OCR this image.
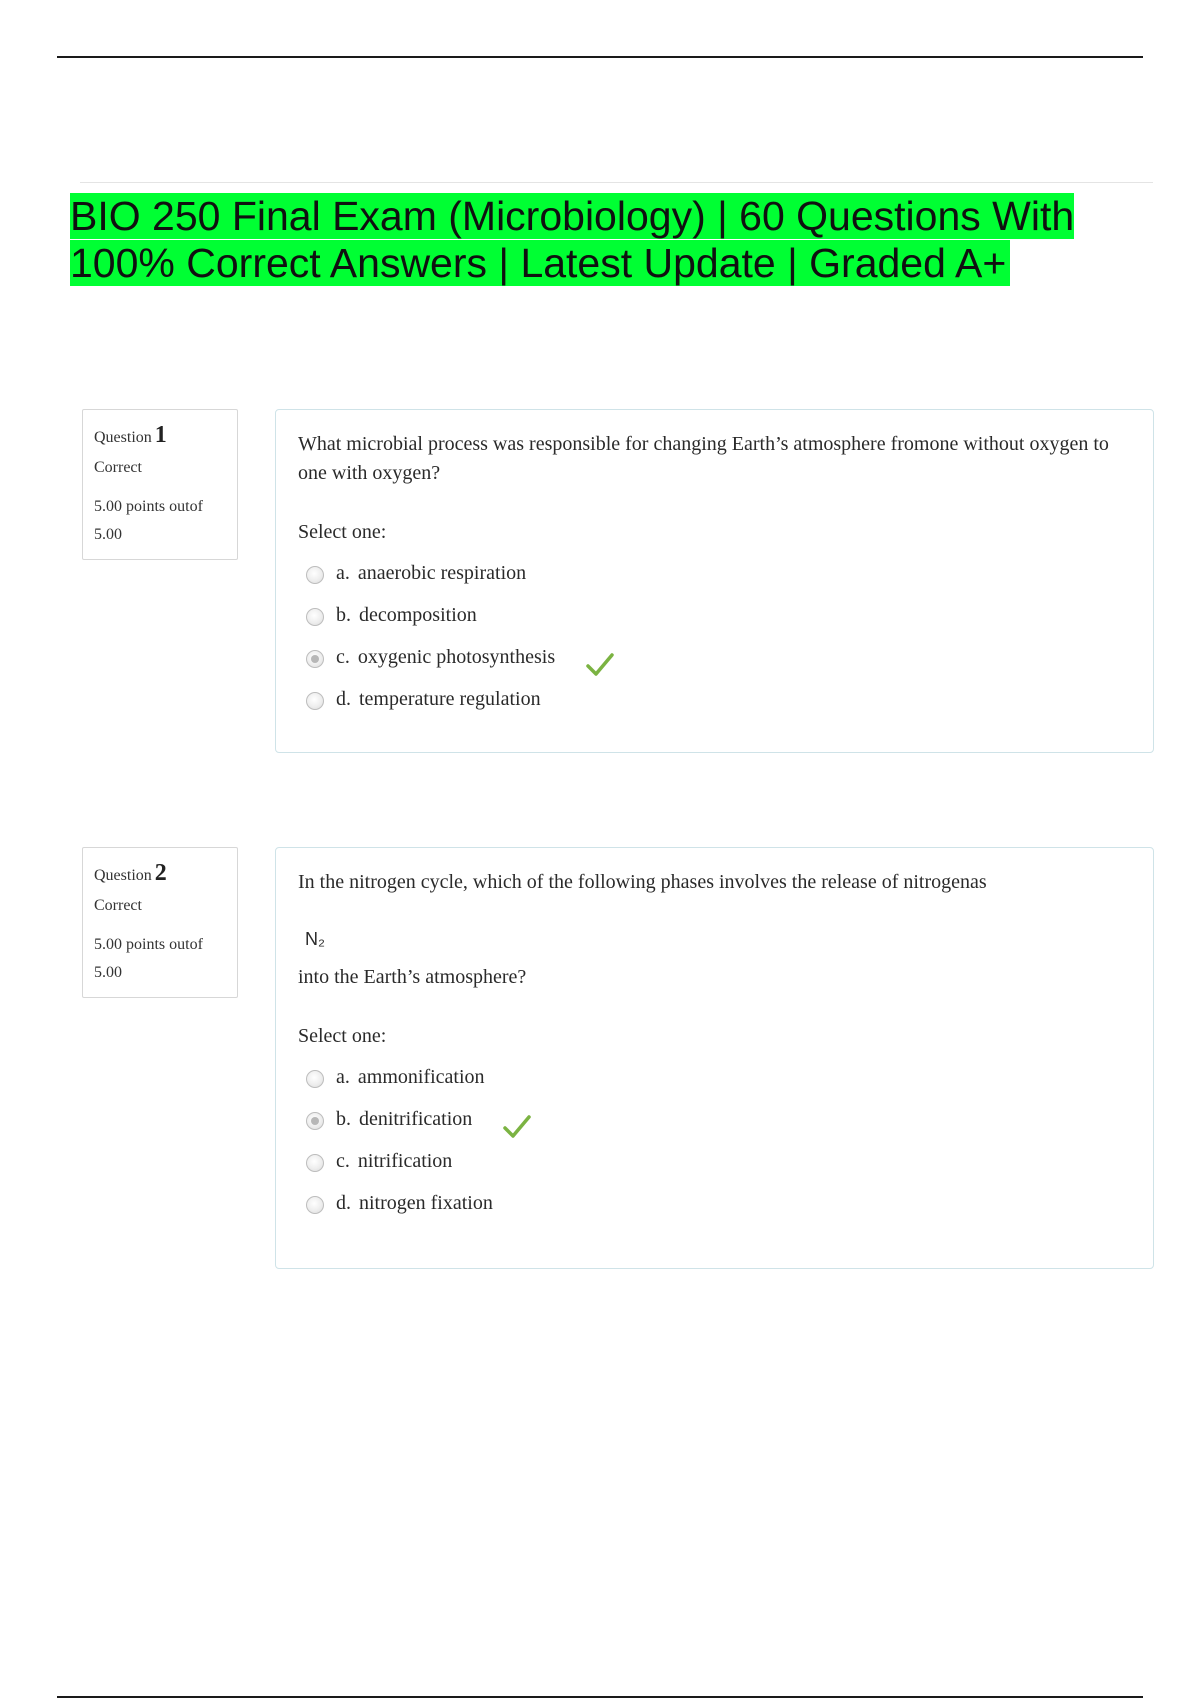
BIO 250 Final Exam (Microbiology) | 60 Questions With 100% Correct Answers | Latest Update | Graded A+
Question 1
Correct
5.00 points outof
5.00
What microbial process was responsible for changing Earth’s atmosphere fromone without oxygen to one with oxygen?
Select one:
a. anaerobic respiration
b. decomposition
c. oxygenic photosynthesis
d. temperature regulation
Question 2
Correct
5.00 points outof
5.00
In the nitrogen cycle, which of the following phases involves the release of nitrogenas
N₂
into the Earth’s atmosphere?
Select one:
a. ammonification
b. denitrification
c. nitrification
d. nitrogen fixation
